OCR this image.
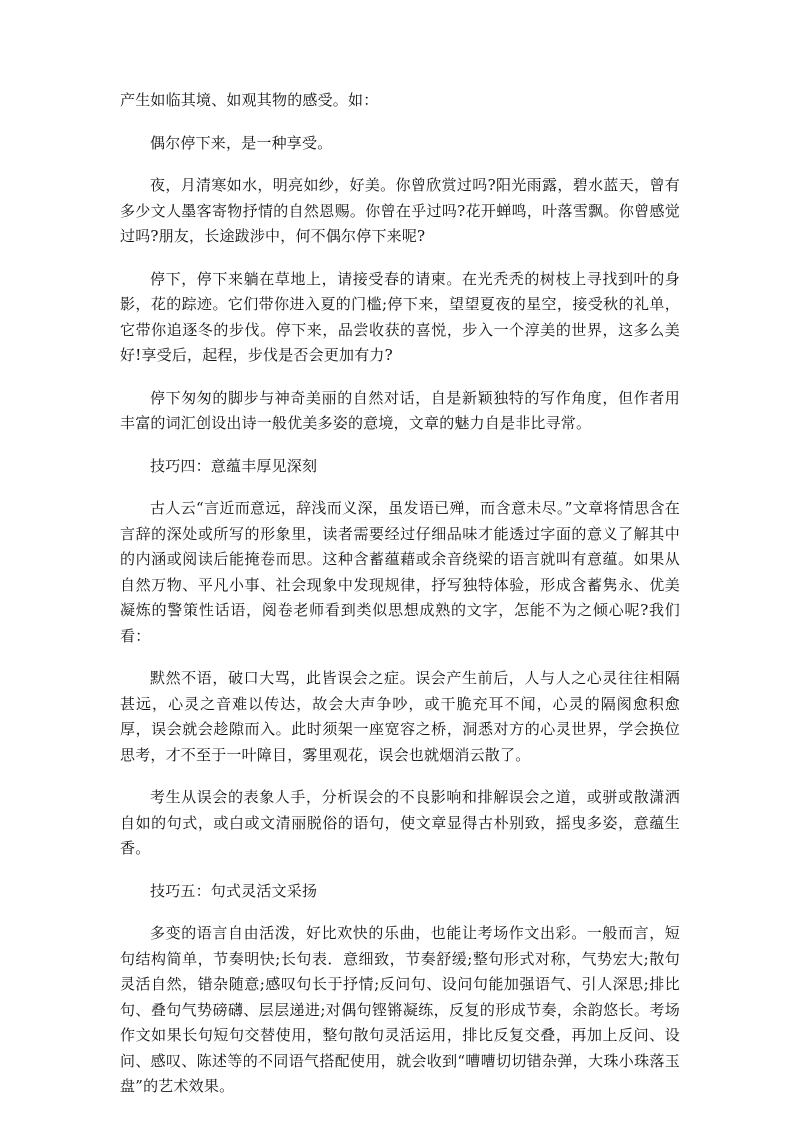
产生如临其境、如观其物的感受。如：

偶尔停下来，是一种享受。

夜，月清寒如水，明亮如纱，好美。你曾欣赏过吗?阳光雨露，碧水蓝天，曾有多少文人墨客寄物抒情的自然恩赐。你曾在乎过吗?花开蝉鸣，叶落雪飘。你曾感觉过吗?朋友，长途跋涉中，何不偶尔停下来呢?

停下，停下来躺在草地上，请接受春的请柬。在光秃秃的树枝上寻找到叶的身影，花的踪迹。它们带你进入夏的门槛;停下来，望望夏夜的星空，接受秋的礼单，它带你追逐冬的步伐。停下来，品尝收获的喜悦，步入一个淳美的世界，这多么美好!享受后，起程，步伐是否会更加有力?

停下匆匆的脚步与神奇美丽的自然对话，自是新颖独特的写作角度，但作者用丰富的词汇创设出诗一般优美多姿的意境，文章的魅力自是非比寻常。

技巧四：意蕴丰厚见深刻

古人云“言近而意远，辞浅而义深，虽发语已殚，而含意未尽。”文章将情思含在言辞的深处或所写的形象里，读者需要经过仔细品味才能透过字面的意义了解其中的内涵或阅读后能掩卷而思。这种含蓄蕴藉或余音绕梁的语言就叫有意蕴。如果从自然万物、平凡小事、社会现象中发现规律，抒写独特体验，形成含蓄隽永、优美凝炼的警策性话语，阅卷老师看到类似思想成熟的文字，怎能不为之倾心呢?我们看：

默然不语，破口大骂，此皆误会之症。误会产生前后，人与人之心灵往往相隔甚远，心灵之音难以传达，故会大声争吵，或干脆充耳不闻，心灵的隔阂愈积愈厚，误会就会趁隙而入。此时须架一座宽容之桥，洞悉对方的心灵世界，学会换位思考，才不至于一叶障目，雾里观花，误会也就烟消云散了。

考生从误会的表象人手，分析误会的不良影响和排解误会之道，或骈或散潇洒自如的句式，或白或文清丽脱俗的语句，使文章显得古朴别致，摇曳多姿，意蕴生香。

技巧五：句式灵活文采扬

多变的语言自由活泼，好比欢快的乐曲，也能让考场作文出彩。一般而言，短句结构简单，节奏明快;长句表．意细致，节奏舒缓;整句形式对称，气势宏大;散句灵活自然，错杂随意;感叹句长于抒情;反问句、设问句能加强语气、引人深思;排比句、叠句气势磅礴、层层递进;对偶句铿锵凝练，反复的形成节奏，余韵悠长。考场作文如果长句短句交替使用，整句散句灵活运用，排比反复交叠，再加上反问、设问、感叹、陈述等的不同语气搭配使用，就会收到“嘈嘈切切错杂弹，大珠小珠落玉盘”的艺术效果。
